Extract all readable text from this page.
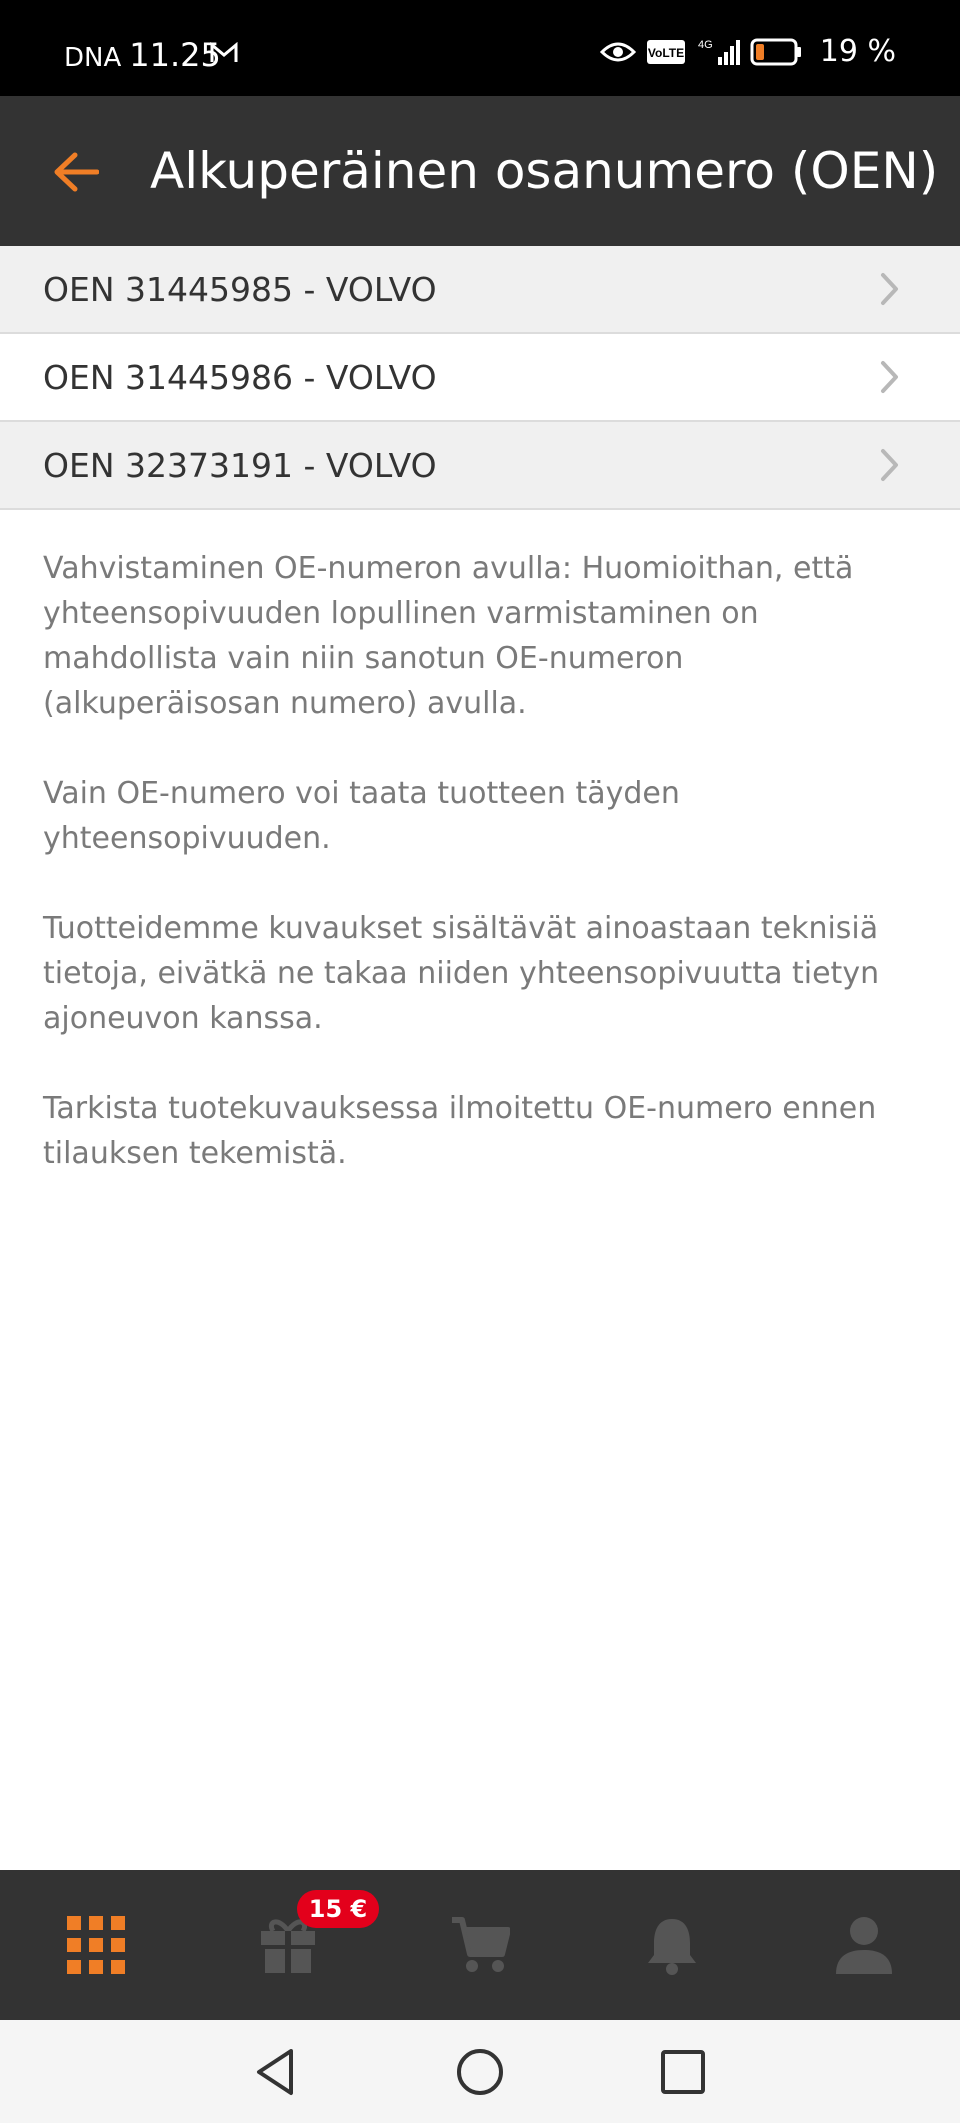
DNA 11.25	VoLTE
4G	19 %
Alkuperäinen osanumero (OEN)
OEN 31445985 - VOLVO
OEN 31445986 - VOLVO
OEN 32373191 - VOLVO

Vahvistaminen OE-numeron avulla: Huomioithan, että yhteensopivuuden lopullinen varmistaminen on mahdollista vain niin sanotun OE-numeron (alkuperäisosan numero) avulla.

Vain OE-numero voi taata tuotteen täyden yhteensopivuuden.

Tuotteidemme kuvaukset sisältävät ainoastaan teknisiä tietoja, eivätkä ne takaa niiden yhteensopivuutta tietyn ajoneuvon kanssa.

Tarkista tuotekuvauksessa ilmoitettu OE-numero ennen tilauksen tekemistä.

15 €
